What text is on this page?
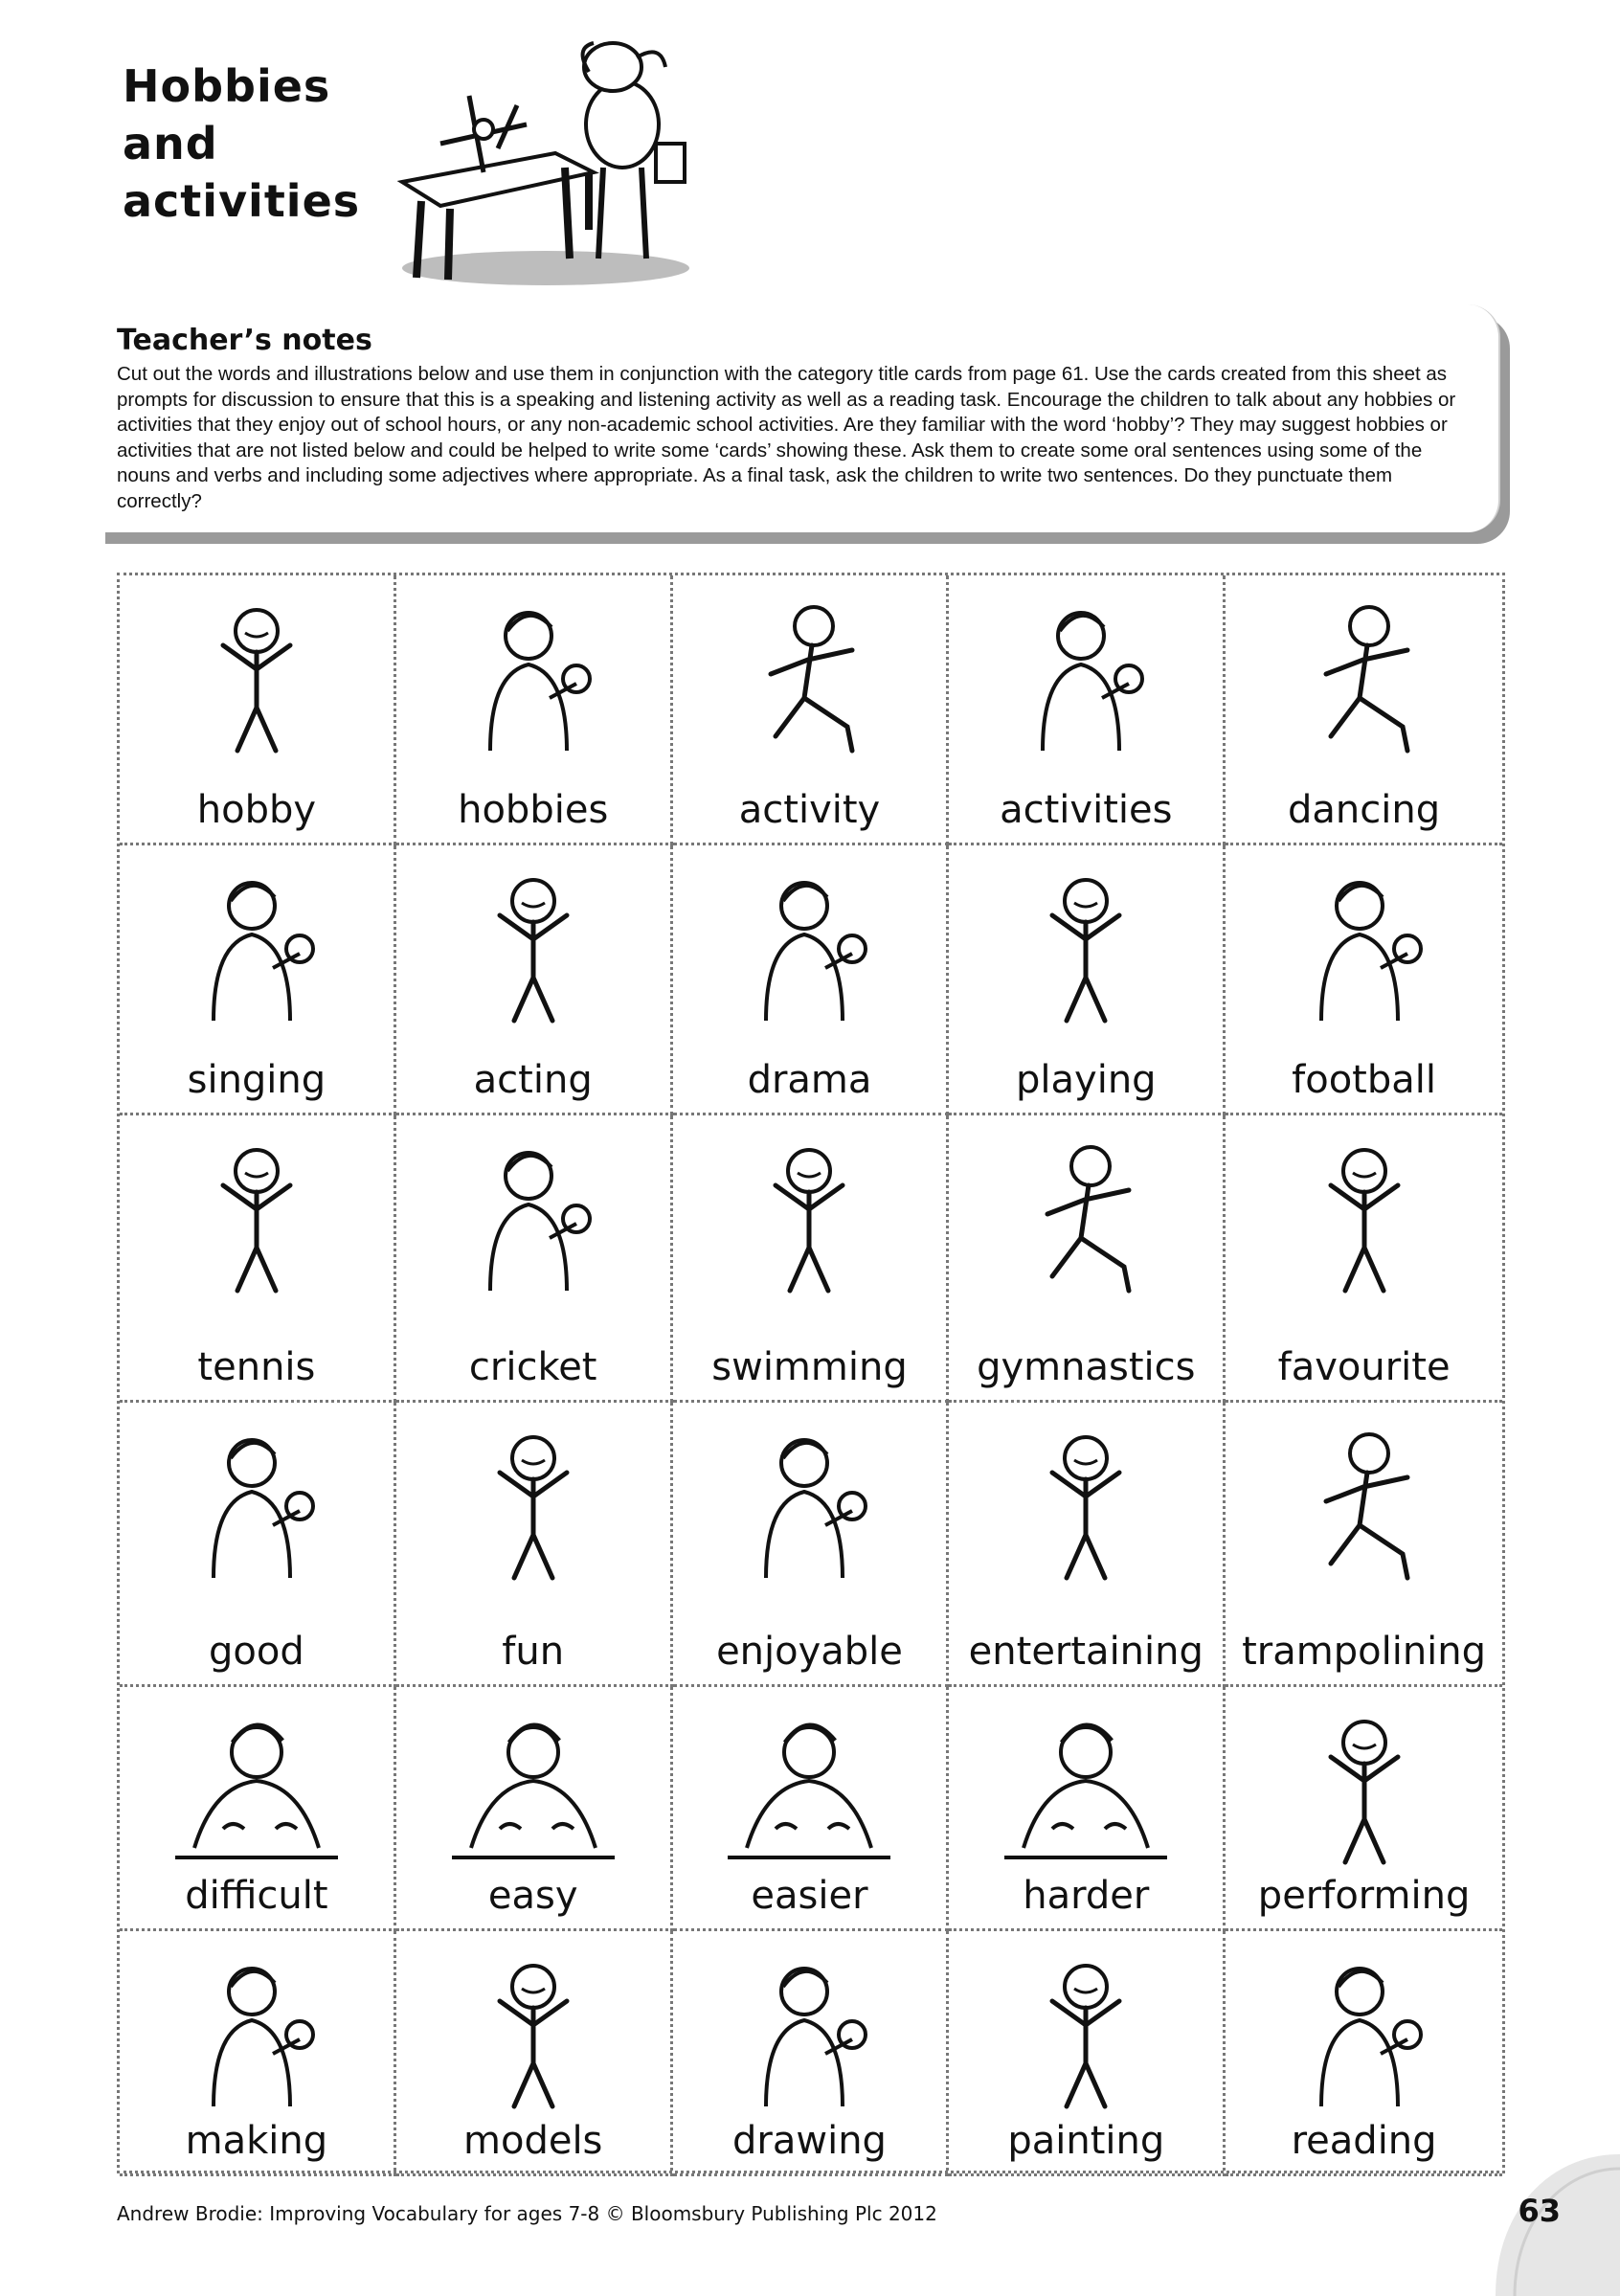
Hobbies and activities
Teacher’s notes
Cut out the words and illustrations below and use them in conjunction with the category title cards from page 61. Use the cards created from this sheet as prompts for discussion to ensure that this is a speaking and listening activity as well as a reading task. Encourage the children to talk about any hobbies or activities that they enjoy out of school hours, or any non-academic school activities. Are they familiar with the word ‘hobby’? They may suggest hobbies or activities that are not listed below and could be helped to write some ‘cards’ showing these. Ask them to create some oral sentences using some of the nouns and verbs and including some adjectives where appropriate. As a final task, ask the children to write two sentences. Do they punctuate them correctly?
hobby	hobbies	activity	activities	dancing
singing	acting	drama	playing	football
tennis	cricket	swimming	gymnastics	favourite
good	fun	enjoyable	entertaining	trampolining
difficult	easy	easier	harder	performing
making	models	drawing	painting	reading
Andrew Brodie: Improving Vocabulary for ages 7-8 © Bloomsbury Publishing Plc 2012	63
